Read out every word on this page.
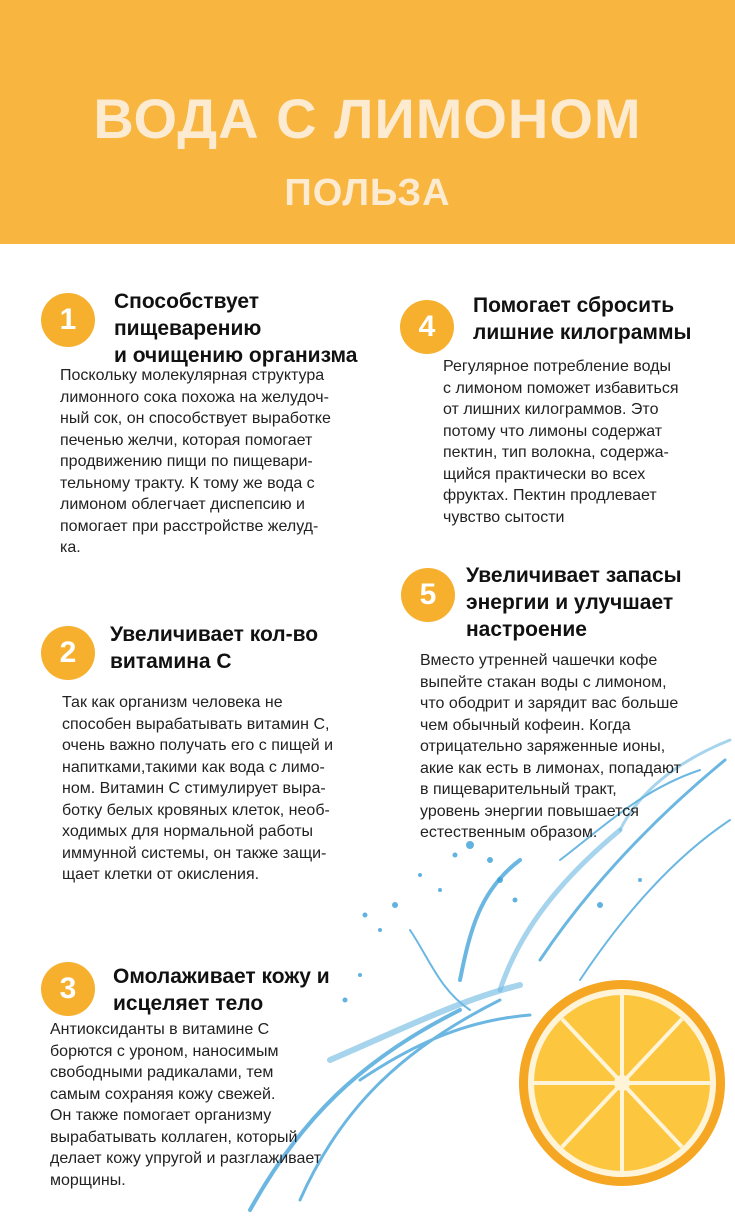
ВОДА С ЛИМОНОМ
ПОЛЬЗА
1
Способствует
пищеварению
и очищению организма
Поскольку молекулярная структура
лимонного сока похожа на желудоч-
ный сок, он способствует выработке
печенью желчи, которая помогает
продвижению пищи по пищевари-
тельному тракту. К тому же вода с
лимоном облегчает диспепсию и
помогает при расстройстве желуд-
ка.
2
Увеличивает кол-во
витамина С
Так как организм человека не
способен вырабатывать витамин С,
очень важно получать его с пищей и
напитками,такими как вода с лимо-
ном. Витамин С стимулирует выра-
ботку белых кровяных клеток, необ-
ходимых для нормальной работы
иммунной системы, он также защи-
щает клетки от окисления.
3	Омолаживает кожу и
исцеляет тело
Антиоксиданты в витамине С
борются с уроном, наносимым
свободными радикалами, тем
самым сохраняя кожу свежей.
Он также помогает организму
вырабатывать коллаген, который
делает кожу упругой и разглаживает
морщины.
4
Помогает сбросить
лишние килограммы
Регулярное потребление воды
с лимоном поможет избавиться
от лишних килограммов. Это
потому что лимоны содержат
пектин, тип волокна, содержа-
щийся практически во всех
фруктах. Пектин продлевает
чувство сытости
5
Увеличивает запасы
энергии и улучшает
настроение
Вместо утренней чашечки кофе
выпейте стакан воды с лимоном,
что ободрит и зарядит вас больше
чем обычный кофеин. Когда
отрицательно заряженные ионы,
акие как есть в лимонах, попадают
в пищеварительный тракт,
уровень энергии повышается
естественным образом.
